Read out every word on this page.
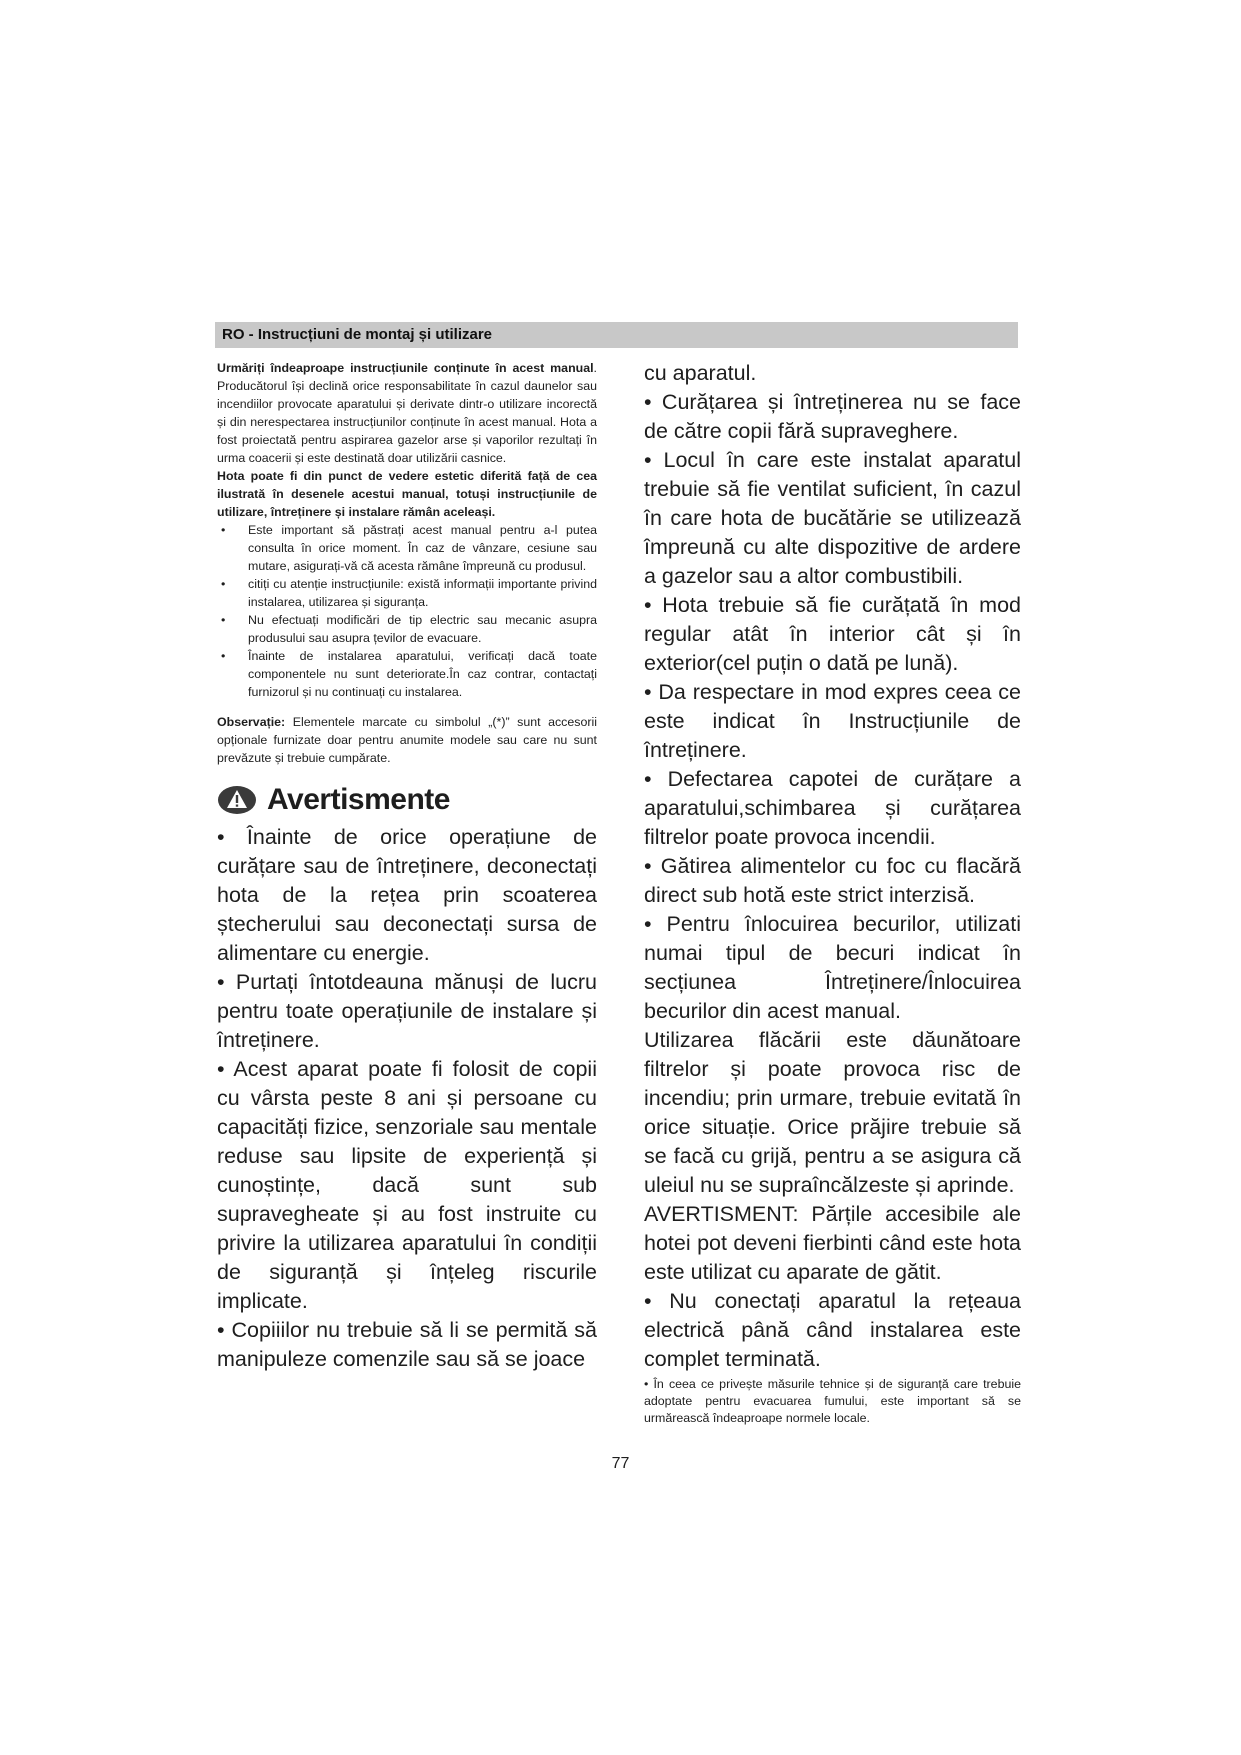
RO - Instrucțiuni de montaj și utilizare

Urmăriți îndeaproape instrucțiunile conținute în acest manual. Producătorul își declină orice responsabilitate în cazul daunelor sau incendiilor provocate aparatului și derivate dintr-o utilizare incorectă și din nerespectarea instrucțiunilor conținute în acest manual. Hota a fost proiectată pentru aspirarea gazelor arse și vaporilor rezultați în urma coacerii și este destinată doar utilizării casnice.

Hota poate fi din punct de vedere estetic diferită față de cea ilustrată în desenele acestui manual, totuși instrucțiunile de utilizare, întreținere și instalare rămân aceleași.

• Este important să păstrați acest manual pentru a-l putea consulta în orice moment. În caz de vânzare, cesiune sau mutare, asigurați-vă că acesta rămâne împreună cu produsul.
• citiți cu atenție instrucțiunile: există informații importante privind instalarea, utilizarea și siguranța.
• Nu efectuați modificări de tip electric sau mecanic asupra produsului sau asupra țevilor de evacuare.
• Înainte de instalarea aparatului, verificați dacă toate componentele nu sunt deteriorate.În caz contrar, contactați furnizorul și nu continuați cu instalarea.
Observație: Elementele marcate cu simbolul „(*)” sunt accesorii opționale furnizate doar pentru anumite modele sau care nu sunt prevăzute și trebuie cumpărate.
Avertismente

• Înainte de orice operațiune de curățare sau de întreținere, deconectați hota de la rețea prin scoaterea ștecherului sau deconectați sursa de alimentare cu energie.

• Purtați întotdeauna mănuși de lucru pentru toate operațiunile de instalare și întreținere.

• Acest aparat poate fi folosit de copii cu vârsta peste 8 ani și persoane cu capacități fizice, senzoriale sau mentale reduse sau lipsite de experiență și cunoștințe, dacă sunt sub supravegheate și au fost instruite cu privire la utilizarea aparatului în condiții de siguranță și înțeleg riscurile implicate.

• Copiiilor nu trebuie să li se permită să manipuleze comenzile sau să se joace

cu aparatul.

• Curățarea și întreținerea nu se face de către copii fără supraveghere.

• Locul în care este instalat aparatul trebuie să fie ventilat suficient, în cazul în care hota de bucătărie se utilizează împreună cu alte dispozitive de ardere a gazelor sau a altor combustibili.

• Hota trebuie să fie curățată în mod regular atât în interior cât și în exterior(cel puțin o dată pe lună).

• Da respectare in mod expres ceea ce este indicat în Instrucțiunile de întreținere.

• Defectarea capotei de curățare a aparatului,schimbarea și curățarea filtrelor poate provoca incendii.

• Gătirea alimentelor cu foc cu flacără direct sub hotă este strict interzisă.

• Pentru înlocuirea becurilor, utilizati numai tipul de becuri indicat în secțiunea Întreținere/Înlocuirea becurilor din acest manual.

Utilizarea flăcării este dăunătoare filtrelor și poate provoca risc de incendiu; prin urmare, trebuie evitată în orice situație. Orice prăjire trebuie să se facă cu grijă, pentru a se asigura că uleiul nu se supraîncălzeste și aprinde.

AVERTISMENT: Părțile accesibile ale hotei pot deveni fierbinti când este hota este utilizat cu aparate de gătit.

• Nu conectați aparatul la rețeaua electrică până când instalarea este complet terminată.

• În ceea ce privește măsurile tehnice și de siguranță care trebuie adoptate pentru evacuarea fumului, este important să se urmărească îndeaproape normele locale.

77
